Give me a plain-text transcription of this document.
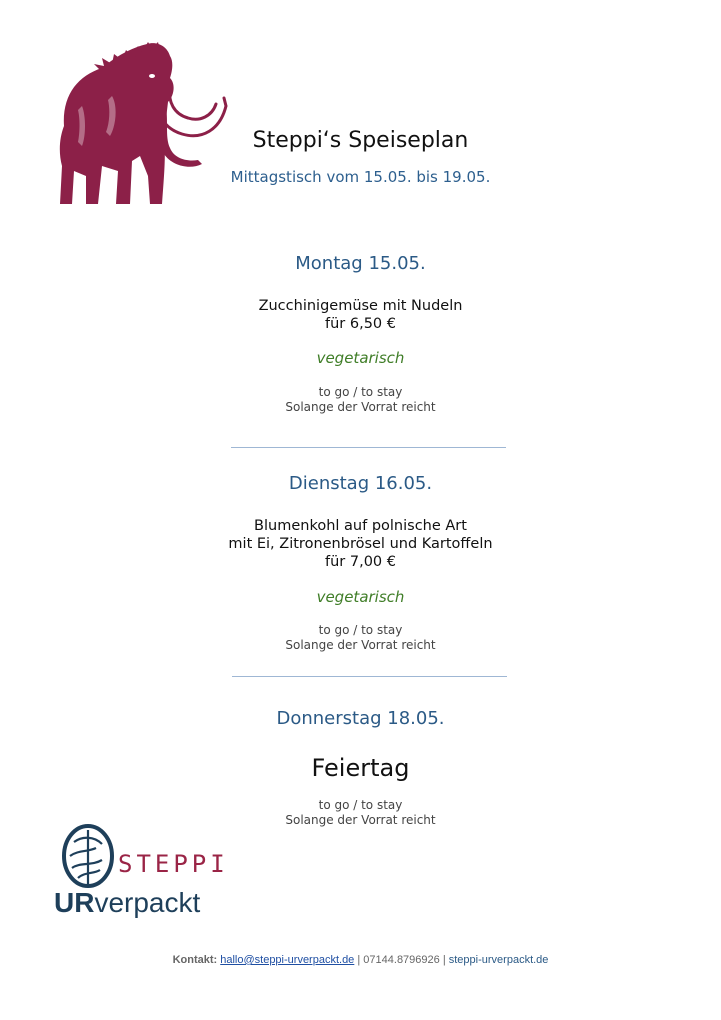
Steppi‘s Speiseplan
Mittagstisch vom 15.05. bis 19.05.
Montag 15.05.
Zucchinigemüse mit Nudeln
für 6,50 €
vegetarisch
to go / to stay
Solange der Vorrat reicht
Dienstag 16.05.
Blumenkohl auf polnische Art
mit Ei, Zitronenbrösel und Kartoffeln
für 7,00 €
vegetarisch
to go / to stay
Solange der Vorrat reicht
Donnerstag 18.05.
Feiertag
to go / to stay
Solange der Vorrat reicht
STEPPI
URverpackt
Kontakt: hallo@steppi-urverpackt.de | 07144.8796926 | steppi-urverpackt.de
